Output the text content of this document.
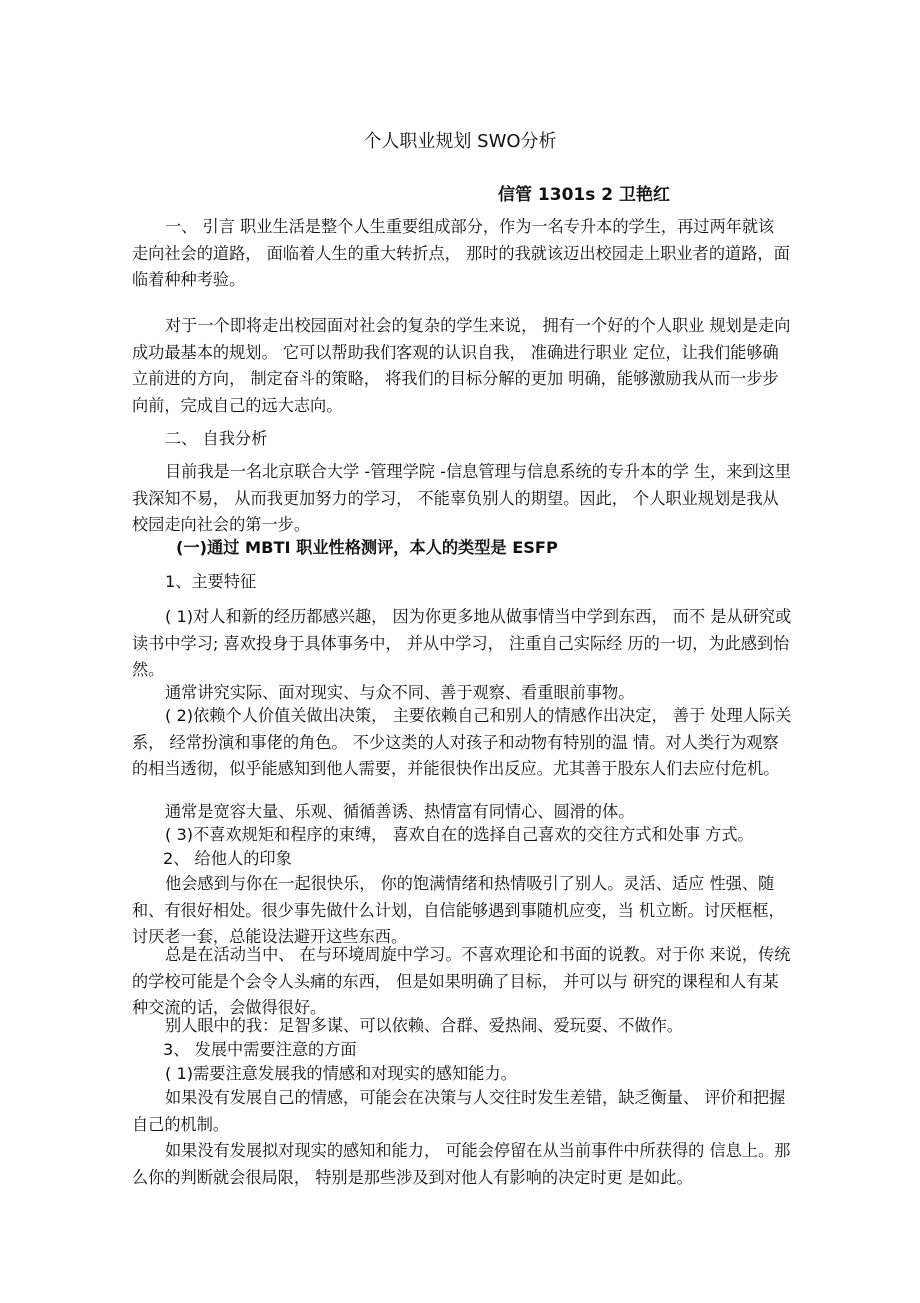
个人职业规划 SWO分析
信管 1301s 2 卫艳红

一、 引言 职业生活是整个人生重要组成部分，作为一名专升本的学生，再过两年就该 走向社会的道路， 面临着人生的重大转折点， 那时的我就该迈出校园走上职业者的道路，面临着种种考验。

对于一个即将走出校园面对社会的复杂的学生来说， 拥有一个好的个人职业 规划是走向成功最基本的规划。 它可以帮助我们客观的认识自我， 准确进行职业 定位，让我们能够确立前进的方向， 制定奋斗的策略， 将我们的目标分解的更加 明确，能够激励我从而一步步向前，完成自己的远大志向。

二、 自我分析

目前我是一名北京联合大学 -管理学院 -信息管理与信息系统的专升本的学 生，来到这里我深知不易， 从而我更加努力的学习， 不能辜负别人的期望。因此， 个人职业规划是我从校园走向社会的第一步。

(一)通过 MBTI 职业性格测评，本人的类型是 ESFP

1、主要特征

( 1)对人和新的经历都感兴趣， 因为你更多地从做事情当中学到东西， 而不 是从研究或读书中学习; 喜欢投身于具体事务中， 并从中学习， 注重自己实际经 历的一切，为此感到怡然。

通常讲究实际、面对现实、与众不同、善于观察、看重眼前事物。

( 2)依赖个人价值关做出决策， 主要依赖自己和别人的情感作出决定， 善于 处理人际关系， 经常扮演和事佬的角色。 不少这类的人对孩子和动物有特别的温 情。对人类行为观察的相当透彻，似乎能感知到他人需要，并能很快作出反应。尤其善于股东人们去应付危机。

通常是宽容大量、乐观、循循善诱、热情富有同情心、圆滑的体。

( 3)不喜欢规矩和程序的束缚， 喜欢自在的选择自己喜欢的交往方式和处事 方式。

2、 给他人的印象

他会感到与你在一起很快乐， 你的饱满情绪和热情吸引了别人。灵活、适应 性强、随和、有很好相处。很少事先做什么计划，自信能够遇到事随机应变，当 机立断。讨厌框框，讨厌老一套，总能设法避开这些东西。

总是在活动当中、 在与环境周旋中学习。不喜欢理论和书面的说教。对于你 来说，传统的学校可能是个会令人头痛的东西， 但是如果明确了目标， 并可以与 研究的课程和人有某种交流的话，会做得很好。

别人眼中的我：足智多谋、可以依赖、合群、爱热闹、爱玩耍、不做作。

3、 发展中需要注意的方面

( 1)需要注意发展我的情感和对现实的感知能力。

如果没有发展自己的情感，可能会在决策与人交往时发生差错，缺乏衡量、 评价和把握自己的机制。

如果没有发展拟对现实的感知和能力， 可能会停留在从当前事件中所获得的 信息上。那么你的判断就会很局限， 特别是那些涉及到对他人有影响的决定时更 是如此。
